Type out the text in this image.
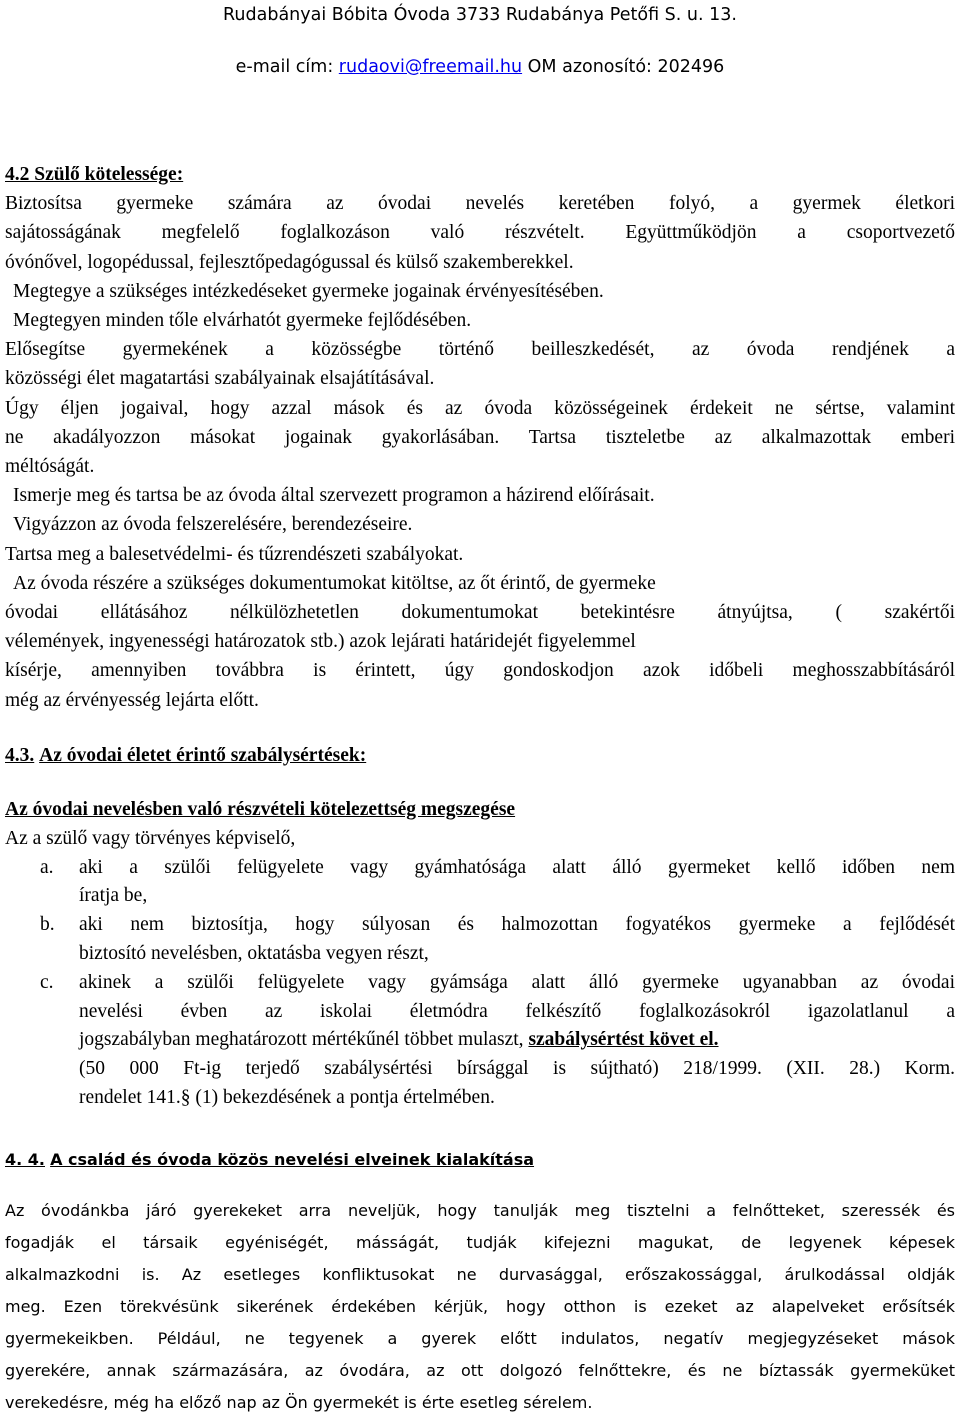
Rudabányai Bóbita Óvoda 3733 Rudabánya Petőfi S. u. 13.
e-mail cím: rudaovi@freemail.hu OM azonosító: 202496
4.2 Szülő kötelessége:
Biztosítsa gyermeke számára az óvodai nevelés keretében folyó, a gyermek életkori
sajátosságának megfelelő foglalkozáson való részvételt. Együttműködjön a csoportvezető
óvónővel, logopédussal, fejlesztőpedagógussal és külső szakemberekkel.
Megtegye a szükséges intézkedéseket gyermeke jogainak érvényesítésében.
Megtegyen minden tőle elvárhatót gyermeke fejlődésében.
Elősegítse gyermekének a közösségbe történő beilleszkedését, az óvoda rendjének a
közösségi élet magatartási szabályainak elsajátításával.
Úgy éljen jogaival, hogy azzal mások és az óvoda közösségeinek érdekeit ne sértse, valamint
ne akadályozzon másokat jogainak gyakorlásában. Tartsa tiszteletbe az alkalmazottak emberi
méltóságát.
Ismerje meg és tartsa be az óvoda által szervezett programon a házirend előírásait.
Vigyázzon az óvoda felszerelésére, berendezéseire.
Tartsa meg a balesetvédelmi- és tűzrendészeti szabályokat.
Az óvoda részére a szükséges dokumentumokat kitöltse, az őt érintő, de gyermeke
óvodai ellátásához nélkülözhetetlen dokumentumokat betekintésre átnyújtsa, ( szakértői
vélemények, ingyenességi határozatok stb.) azok lejárati határidejét figyelemmel
kísérje, amennyiben továbbra is érintett, úgy gondoskodjon azok időbeli meghosszabbításáról
még az érvényesség lejárta előtt.
4.3. Az óvodai életet érintő szabálysértések:
Az óvodai nevelésben való részvételi kötelezettség megszegése
Az a szülő vagy törvényes képviselő,
a. aki a szülői felügyelete vagy gyámhatósága alatt álló gyermeket kellő időben nem
íratja be,
b. aki nem biztosítja, hogy súlyosan és halmozottan fogyatékos gyermeke a fejlődését
biztosító nevelésben, oktatásba vegyen részt,
c. akinek a szülői felügyelete vagy gyámsága alatt álló gyermeke ugyanabban az óvodai
nevelési évben az iskolai életmódra felkészítő foglalkozásokról igazolatlanul a
jogszabályban meghatározott mértékűnél többet mulaszt, szabálysértést követ el.
(50 000 Ft-ig terjedő szabálysértési bírsággal is sújtható) 218/1999. (XII. 28.) Korm.
rendelet 141.§ (1) bekezdésének a pontja értelmében.
4. 4. A család és óvoda közös nevelési elveinek kialakítása
Az óvodánkba járó gyerekeket arra neveljük, hogy tanulják meg tisztelni a felnőtteket, szeressék és
fogadják el társaik egyéniségét, másságát, tudják kifejezni magukat, de legyenek képesek
alkalmazkodni is. Az esetleges konfliktusokat ne durvasággal, erőszakossággal, árulkodással oldják
meg. Ezen törekvésünk sikerének érdekében kérjük, hogy otthon is ezeket az alapelveket erősítsék
gyermekeikben. Például, ne tegyenek a gyerek előtt indulatos, negatív megjegyzéseket mások
gyerekére, annak származására, az óvodára, az ott dolgozó felnőttekre, és ne bíztassák gyermeküket
verekedésre, még ha előző nap az Ön gyermekét is érte esetleg sérelem.
